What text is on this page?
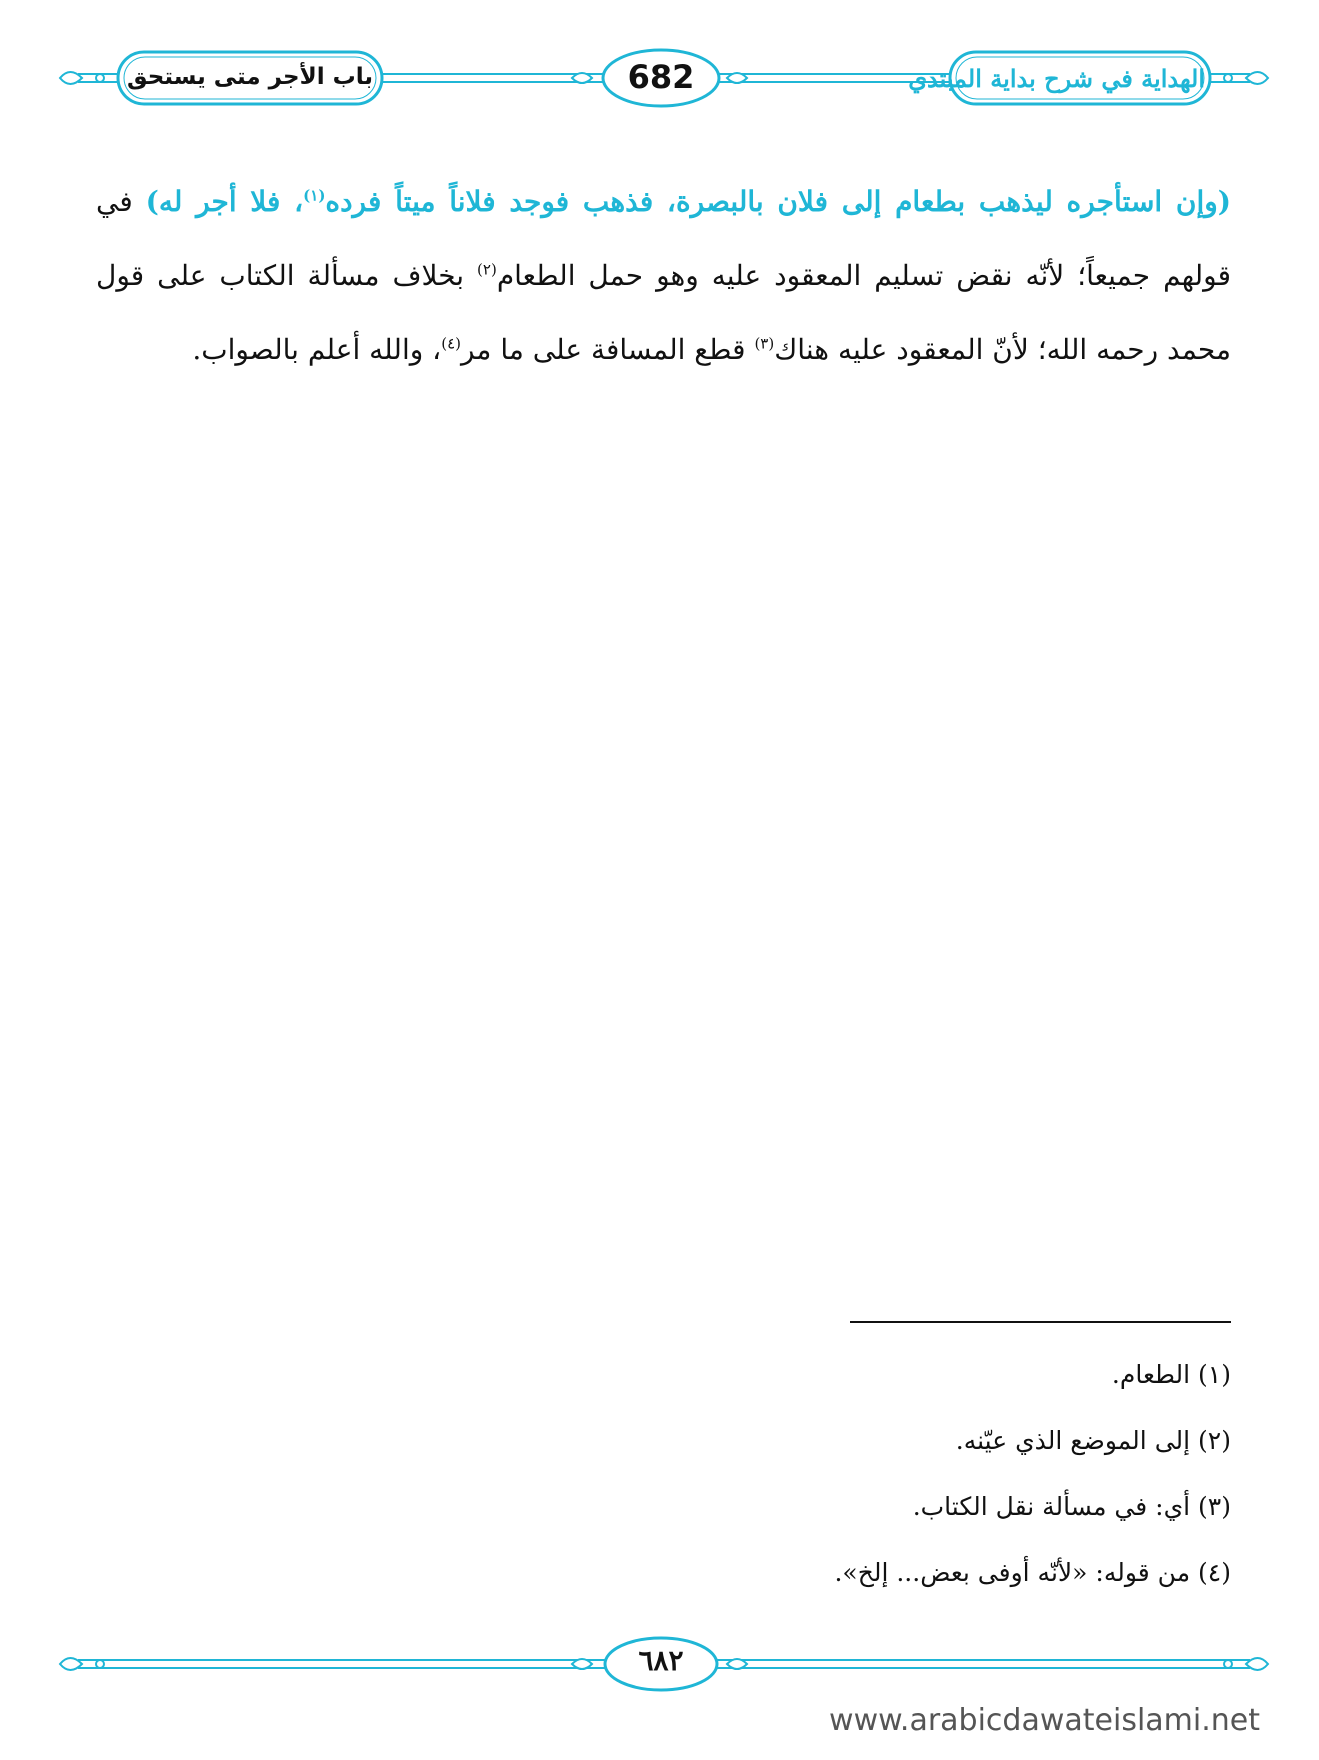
باب الأجر متى يستحق	682	الهداية في شرح بداية المبتدي
(وإن استأجره ليذهب بطعام إلى فلان بالبصرة، فذهب فوجد فلاناً ميتاً فرده$^{(١)}$، فلا أجر له) في قولهم جميعاً؛ لأنّه نقض تسليم المعقود عليه وهو حمل الطعام$^{(٢)}$ بخلاف مسألة الكتاب على قول محمد رحمه الله؛ لأنّ المعقود عليه هناك$^{(٣)}$ قطع المسافة على ما مر$^{(٤)}$، والله أعلم بالصواب.
(١) الطعام.
(٢) إلى الموضع الذي عيّنه.
(٣) أي: في مسألة نقل الكتاب.
(٤) من قوله: «لأنّه أوفى بعض... إلخ».
٦٨٢
www.arabicdawateislami.net
